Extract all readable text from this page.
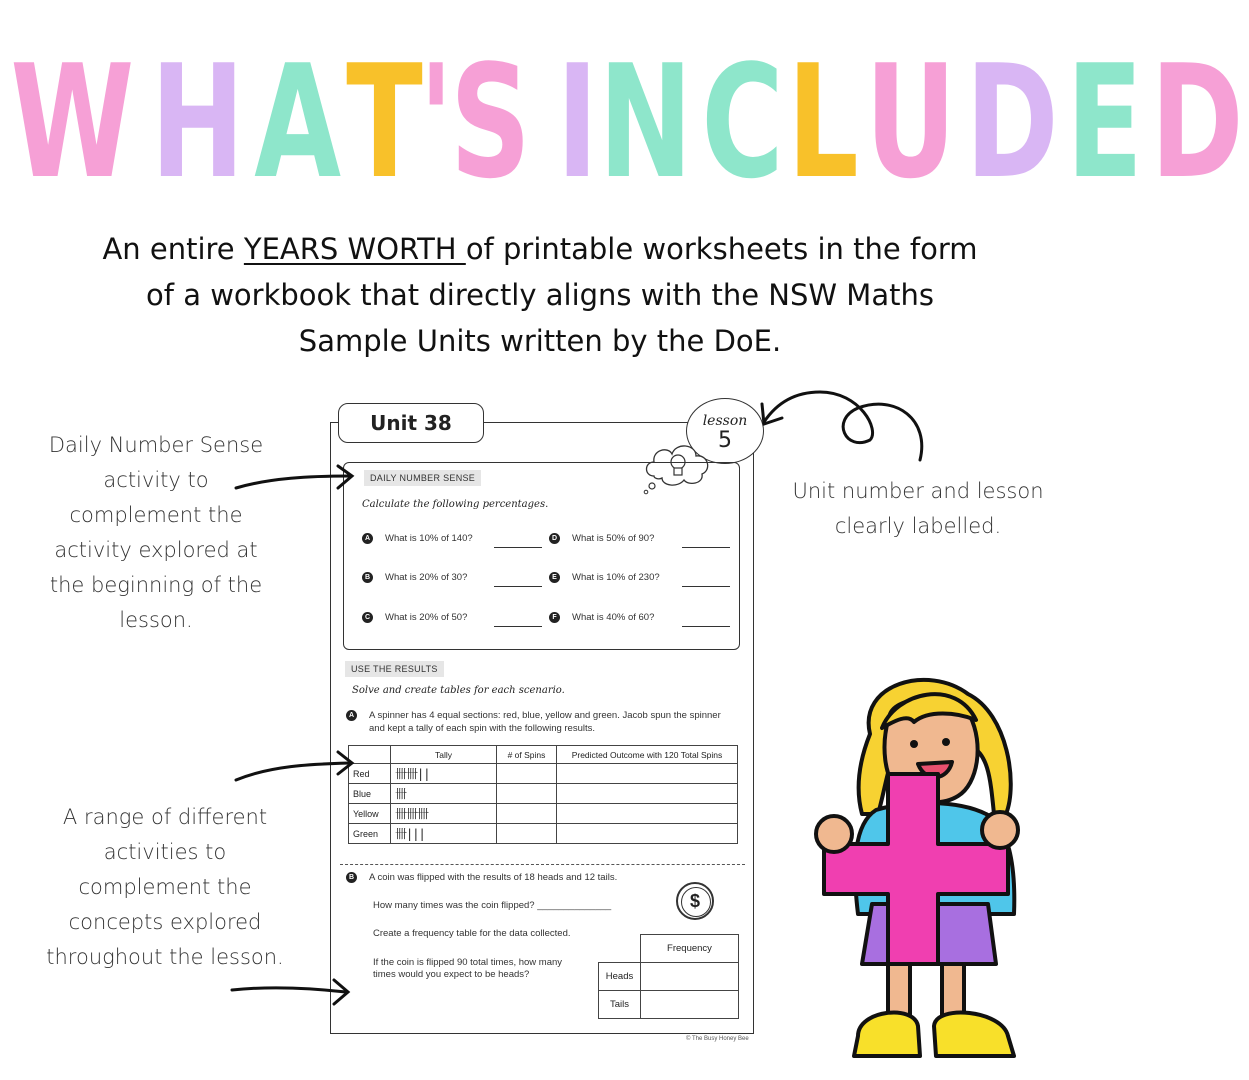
WHAT'S INCLUDED
An entire YEARS WORTH of printable worksheets in the form of a workbook that directly aligns with the NSW Maths Sample Units written by the DoE.
Daily Number Sense activity to complement the activity explored at the beginning of the lesson.
A range of different activities to complement the concepts explored throughout the lesson.
Unit number and lesson clearly labelled.
Unit 38	lesson
5
DAILY NUMBER SENSE
Calculate the following percentages.
A	What is 10% of 140?
B	What is 20% of 30?
C	What is 20% of 50?
D	What is 50% of 90?
E	What is 10% of 230?
F	What is 40% of 60?
USE THE RESULTS
Solve and create tables for each scenario.
A	A spinner has 4 equal sections: red, blue, yellow and green. Jacob spun the spinner and kept a tally of each spin with the following results.
	Tally	# of Spins	Predicted Outcome with 120 Total Spins
Red	卌卌||		
Blue	卌		
Yellow	卌卌卌		
Green	卌|||		
B	A coin was flipped with the results of 18 heads and 12 tails.
How many times was the coin flipped? ______________
Create a frequency table for the data collected.
If the coin is flipped 90 total times, how many
times would you expect to be heads?
$
	Frequency
Heads	
Tails	
© The Busy Honey Bee
